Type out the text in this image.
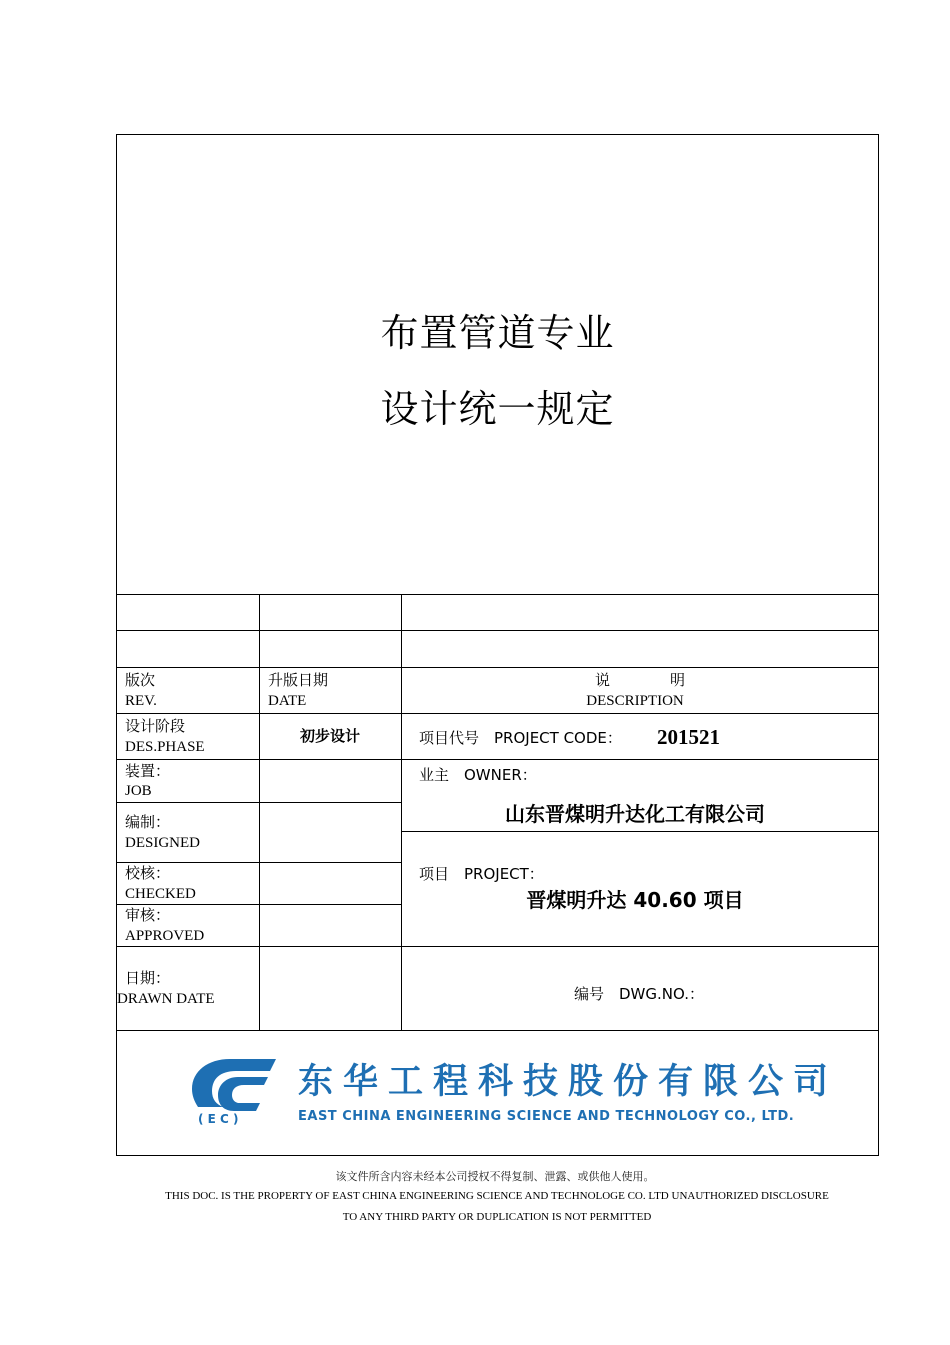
布置管道专业
设计统一规定
版次
REV.
升版日期
DATE
说　　　　明
DESCRIPTION
设计阶段
DES.PHASE
初步设计	项目代号　PROJECT CODE： 201521
装置：
JOB
业主　OWNER：
山东晋煤明升达化工有限公司
编制：
DESIGNED
校核：
CHECKED
项目　PROJECT：
晋煤明升达 40.60 项目
审核：
APPROVED
日期：
DRAWN DATE	编号　DWG.NO.：
( E C )
东华工程科技股份有限公司
EAST CHINA ENGINEERING SCIENCE AND TECHNOLOGY CO., LTD.
该文件所含内容未经本公司授权不得复制、泄露、或供他人使用。
THIS DOC. IS THE PROPERTY OF EAST CHINA ENGINEERING SCIENCE AND TECHNOLOGE CO. LTD UNAUTHORIZED DISCLOSURE
TO ANY THIRD PARTY OR DUPLICATION IS NOT PERMITTED
